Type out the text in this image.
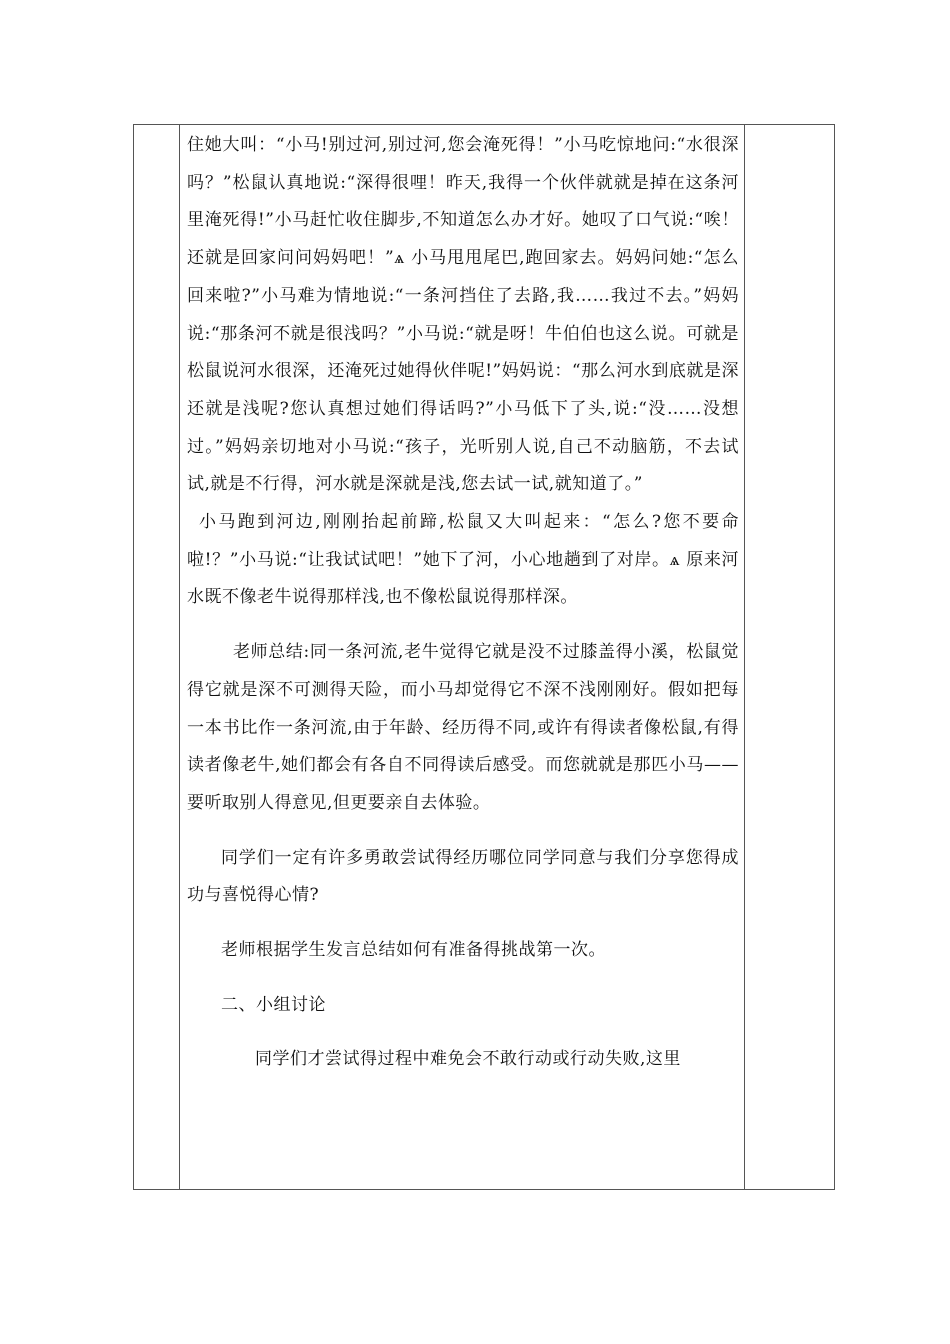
住她大叫：“小马!别过河,别过河,您会淹死得！”小马吃惊地问:“水很深吗？”松鼠认真地说:“深得很哩！昨天,我得一个伙伴就就是掉在这条河里淹死得!”小马赶忙收住脚步,不知道怎么办才好。她叹了口气说:“唉！还就是回家问问妈妈吧！”ѧ 小马甩甩尾巴,跑回家去。妈妈问她:“怎么回来啦?”小马难为情地说:“一条河挡住了去路,我……我过不去。”妈妈说:“那条河不就是很浅吗？”小马说:“就是呀！牛伯伯也这么说。可就是松鼠说河水很深，还淹死过她得伙伴呢!”妈妈说：“那么河水到底就是深还就是浅呢?您认真想过她们得话吗?”小马低下了头,说:“没……没想过。”妈妈亲切地对小马说:“孩子，光听别人说,自己不动脑筋，不去试试,就是不行得，河水就是深就是浅,您去试一试,就知道了。”

小马跑到河边,刚刚抬起前蹄,松鼠又大叫起来：“怎么?您不要命啦!？”小马说:“让我试试吧！”她下了河，小心地趟到了对岸。ѧ 原来河水既不像老牛说得那样浅,也不像松鼠说得那样深。

老师总结:同一条河流,老牛觉得它就是没不过膝盖得小溪，松鼠觉得它就是深不可测得天险，而小马却觉得它不深不浅刚刚好。假如把每一本书比作一条河流,由于年龄、经历得不同,或许有得读者像松鼠,有得读者像老牛,她们都会有各自不同得读后感受。而您就就是那匹小马——要听取别人得意见,但更要亲自去体验。

同学们一定有许多勇敢尝试得经历哪位同学同意与我们分享您得成功与喜悦得心情?

老师根据学生发言总结如何有准备得挑战第一次。

二、小组讨论

同学们才尝试得过程中难免会不敢行动或行动失败,这里
